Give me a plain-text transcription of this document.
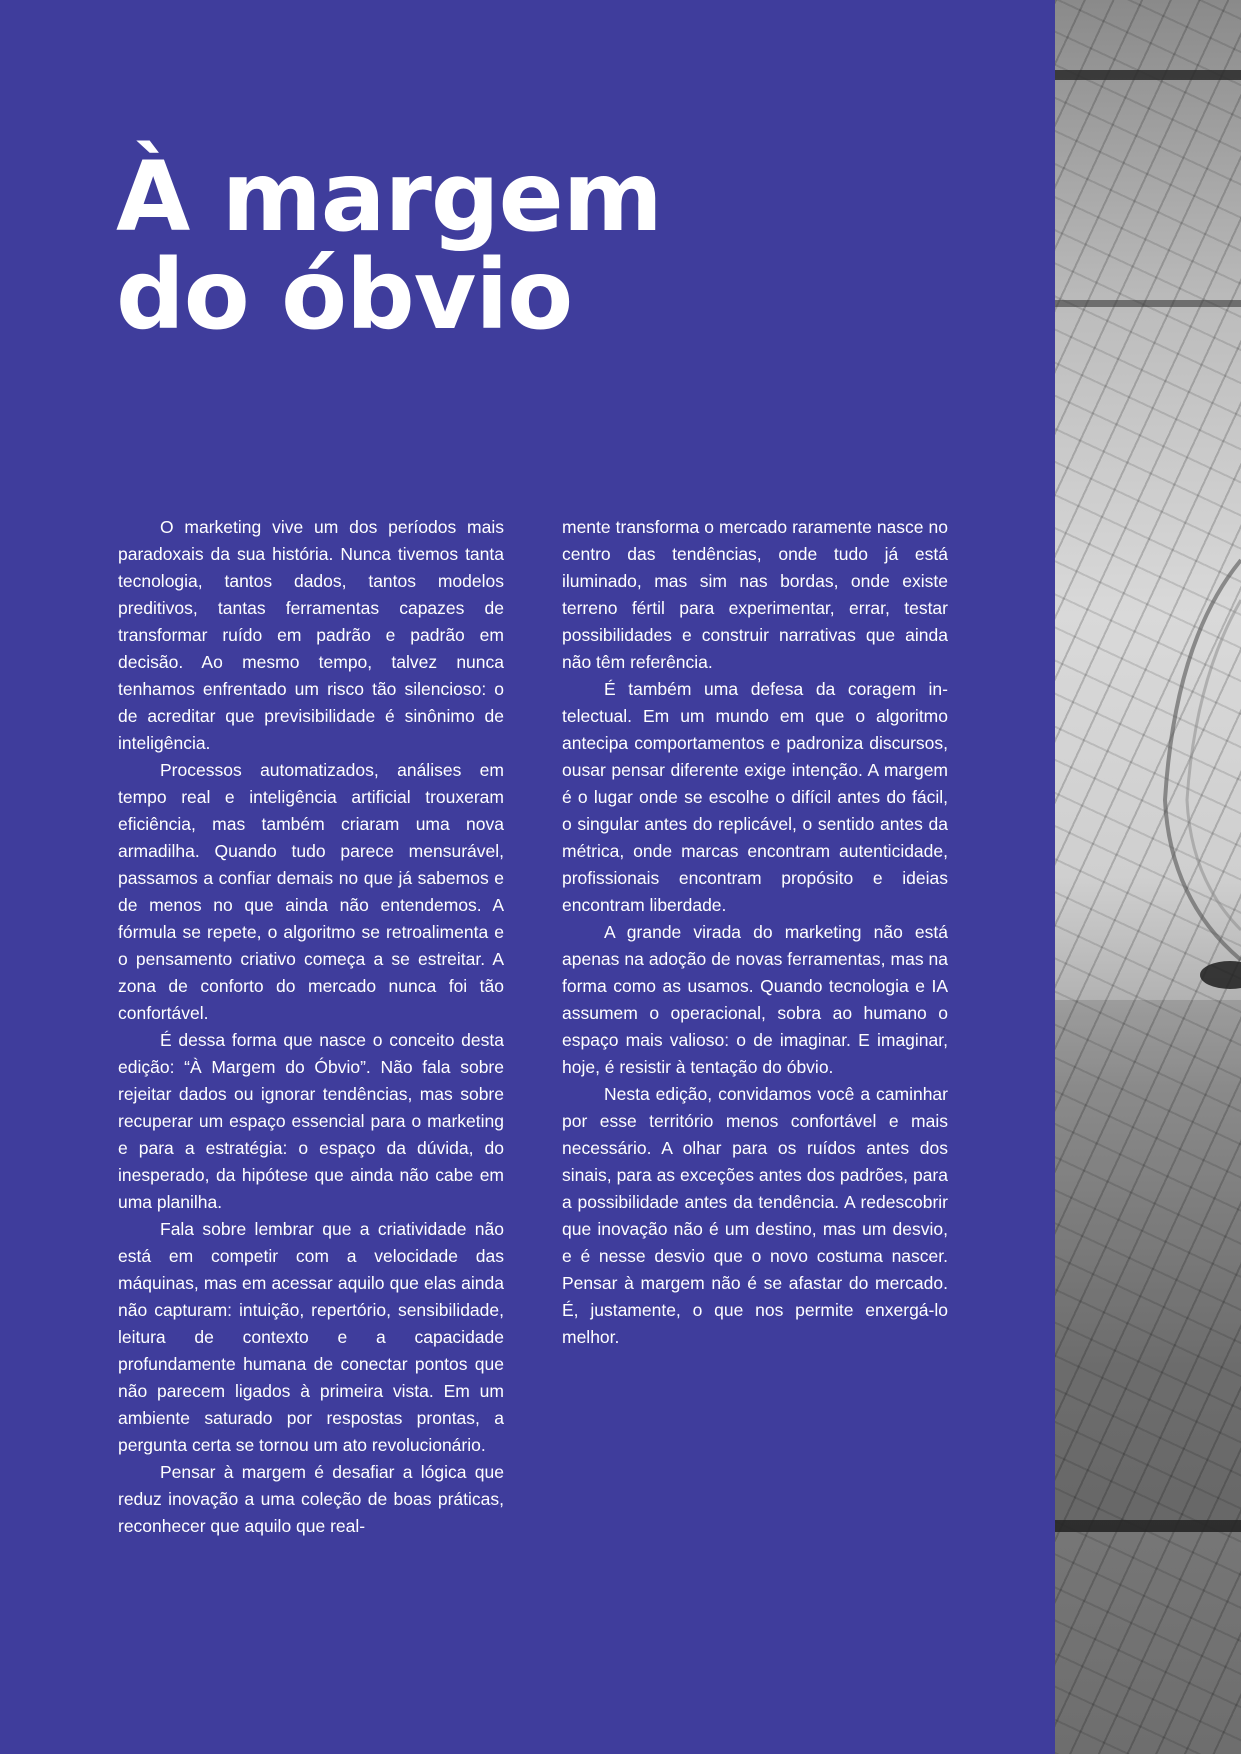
À margem
do óbvio

O marketing vive um dos períodos mais paradoxais da sua história. Nunca tivemos tanta tecnologia, tantos dados, tantos modelos preditivos, tantas ferramentas capazes de transformar ruído em padrão e padrão em decisão. Ao mesmo tempo, talvez nunca tenhamos enfrentado um risco tão silencioso: o de acreditar que previsibilidade é sinônimo de inteligência.

Processos automatizados, análises em tempo real e inteligência artificial trouxeram eficiência, mas também criaram uma nova armadilha. Quando tudo parece mensurável, passamos a confiar demais no que já sabemos e de menos no que ainda não entendemos. A fórmula se repete, o algoritmo se retroalimenta e o pensamento criativo começa a se estreitar. A zona de conforto do mercado nunca foi tão confortável.

É dessa forma que nasce o conceito desta edição: “À Margem do Óbvio”. Não fala sobre rejeitar dados ou ignorar tendências, mas sobre recuperar um espaço essencial para o marketing e para a estratégia: o espaço da dúvida, do inesperado, da hipótese que ainda não cabe em uma planilha.

Fala sobre lembrar que a criatividade não está em competir com a velocidade das máquinas, mas em acessar aquilo que elas ainda não capturam: intuição, repertório, sensibilidade, leitura de contexto e a capacidade profundamente humana de conectar pontos que não parecem ligados à primeira vista. Em um ambiente saturado por respostas prontas, a pergunta certa se tornou um ato revolucionário.

Pensar à margem é desafiar a lógica que reduz inovação a uma coleção de boas práticas, reconhecer que aquilo que real-

mente transforma o mercado raramente nasce no centro das tendências, onde tudo já está iluminado, mas sim nas bordas, onde existe terreno fértil para experimentar, errar, testar possibilidades e construir narrativas que ainda não têm referência.

É também uma defesa da coragem intelectual. Em um mundo em que o algoritmo antecipa comportamentos e padroniza discursos, ousar pensar diferente exige intenção. A margem é o lugar onde se escolhe o difícil antes do fácil, o singular antes do replicável, o sentido antes da métrica, onde marcas encontram autenticidade, profissionais encontram propósito e ideias encontram liberdade.

A grande virada do marketing não está apenas na adoção de novas ferramentas, mas na forma como as usamos. Quando tecnologia e IA assumem o operacional, sobra ao humano o espaço mais valioso: o de imaginar. E imaginar, hoje, é resistir à tentação do óbvio.

Nesta edição, convidamos você a caminhar por esse território menos confortável e mais necessário. A olhar para os ruídos antes dos sinais, para as exceções antes dos padrões, para a possibilidade antes da tendência. A redescobrir que inovação não é um destino, mas um desvio, e é nesse desvio que o novo costuma nascer. Pensar à margem não é se afastar do mercado. É, justamente, o que nos permite enxergá-lo melhor.
